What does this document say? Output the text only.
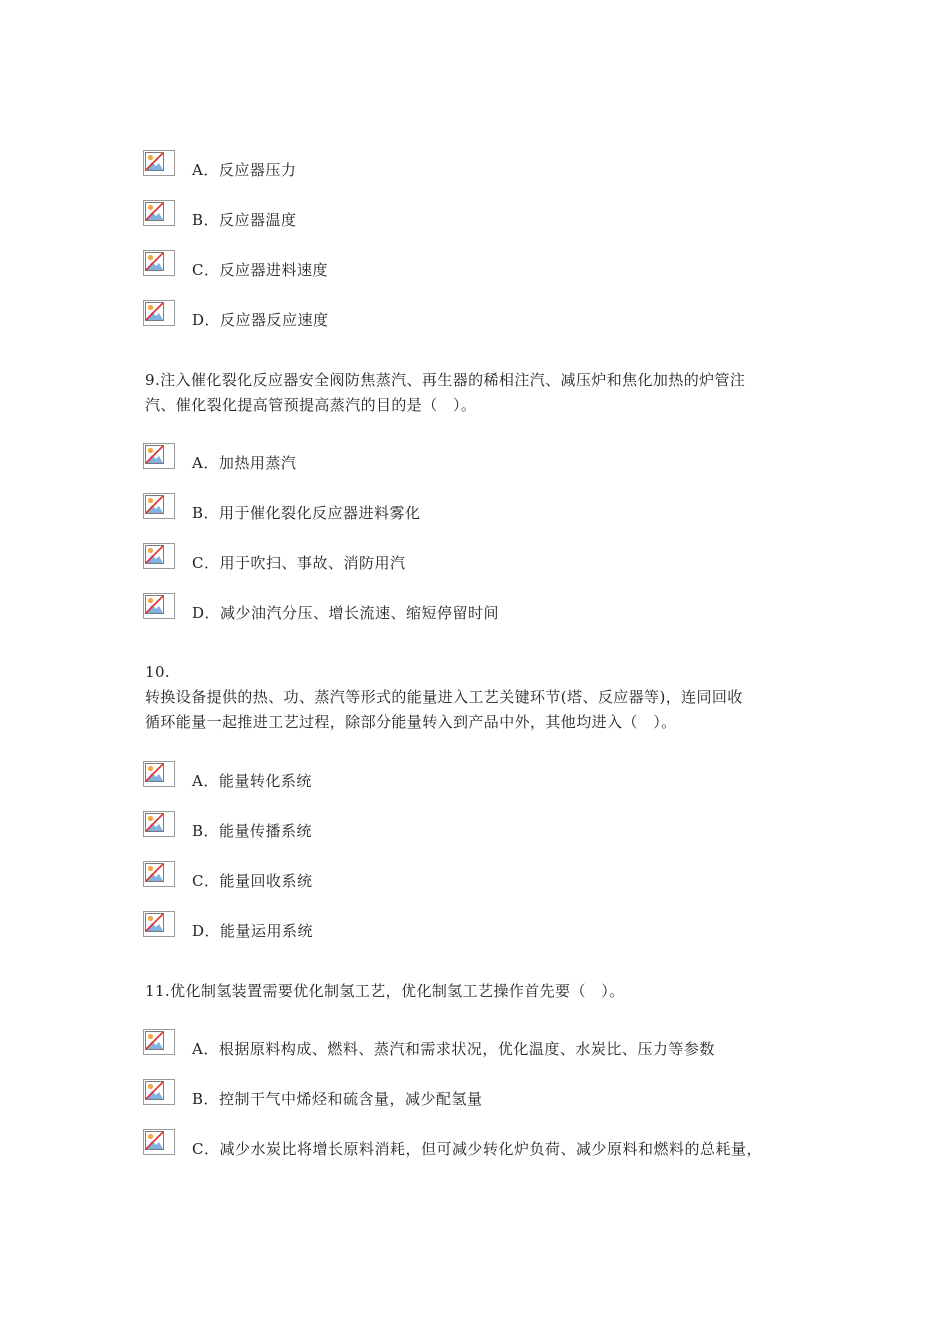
A．反应器压力
B．反应器温度
C．反应器进料速度
D．反应器反应速度
9.注入催化裂化反应器安全阀防焦蒸汽、再生器的稀相注汽、减压炉和焦化加热的炉管注
汽、催化裂化提高管预提高蒸汽的目的是（　）。
A．加热用蒸汽
B．用于催化裂化反应器进料雾化
C．用于吹扫、事故、消防用汽
D．减少油汽分压、增长流速、缩短停留时间
10.
转换设备提供的热、功、蒸汽等形式的能量进入工艺关键环节(塔、反应器等)，连同回收
循环能量一起推进工艺过程，除部分能量转入到产品中外，其他均进入（　）。
A．能量转化系统
B．能量传播系统
C．能量回收系统
D．能量运用系统
11.优化制氢装置需要优化制氢工艺，优化制氢工艺操作首先要（　）。
A．根据原料构成、燃料、蒸汽和需求状况，优化温度、水炭比、压力等参数
B．控制干气中烯烃和硫含量，减少配氢量
C．减少水炭比将增长原料消耗，但可减少转化炉负荷、减少原料和燃料的总耗量，
